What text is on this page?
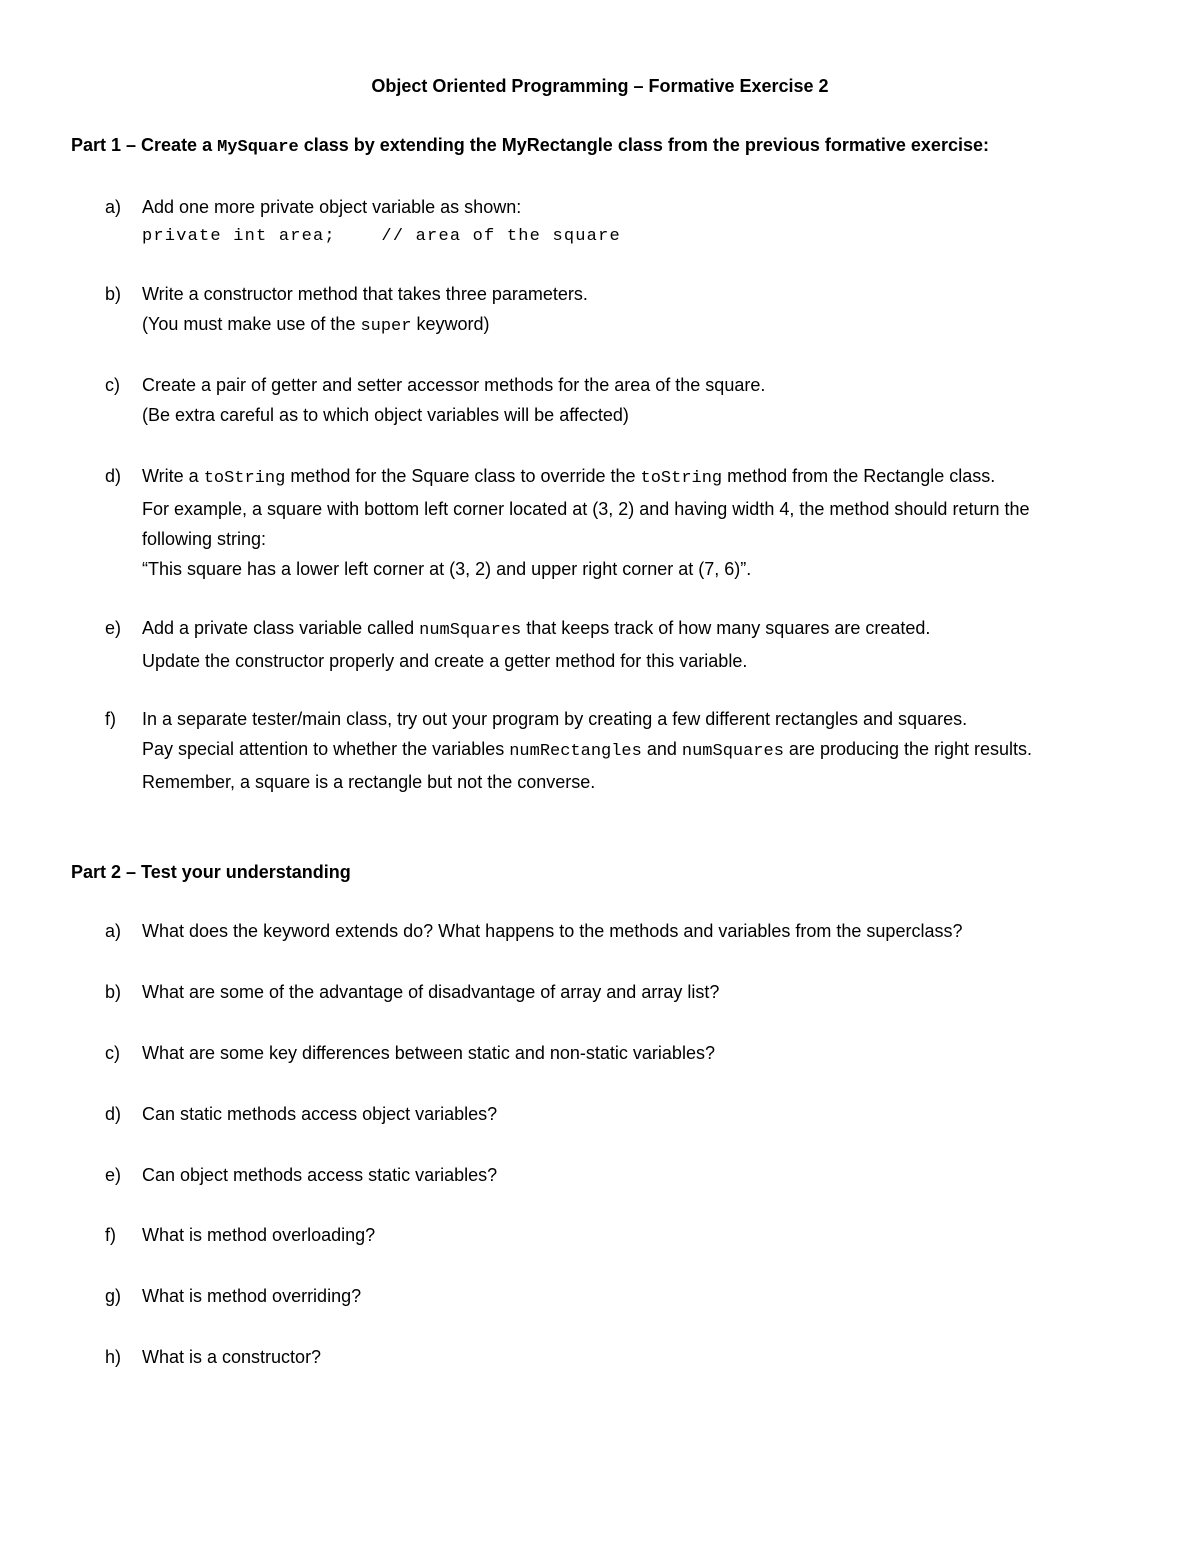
Object Oriented Programming – Formative Exercise 2
Part 1 – Create a MySquare class by extending the MyRectangle class from the previous formative exercise:
a) Add one more private object variable as shown:
private int area;    // area of the square
b) Write a constructor method that takes three parameters.
(You must make use of the super keyword)
c) Create a pair of getter and setter accessor methods for the area of the square.
(Be extra careful as to which object variables will be affected)
d) Write a toString method for the Square class to override the toString method from the Rectangle class.
For example, a square with bottom left corner located at (3, 2) and having width 4, the method should return the
following string:
“This square has a lower left corner at (3, 2) and upper right corner at (7, 6)”.
e) Add a private class variable called numSquares that keeps track of how many squares are created.
Update the constructor properly and create a getter method for this variable.
f) In a separate tester/main class, try out your program by creating a few different rectangles and squares.
Pay special attention to whether the variables numRectangles and numSquares are producing the right results.
Remember, a square is a rectangle but not the converse.
Part 2 – Test your understanding
a) What does the keyword extends do? What happens to the methods and variables from the superclass?
b) What are some of the advantage of disadvantage of array and array list?
c) What are some key differences between static and non-static variables?
d) Can static methods access object variables?
e) Can object methods access static variables?
f) What is method overloading?
g) What is method overriding?
h) What is a constructor?
